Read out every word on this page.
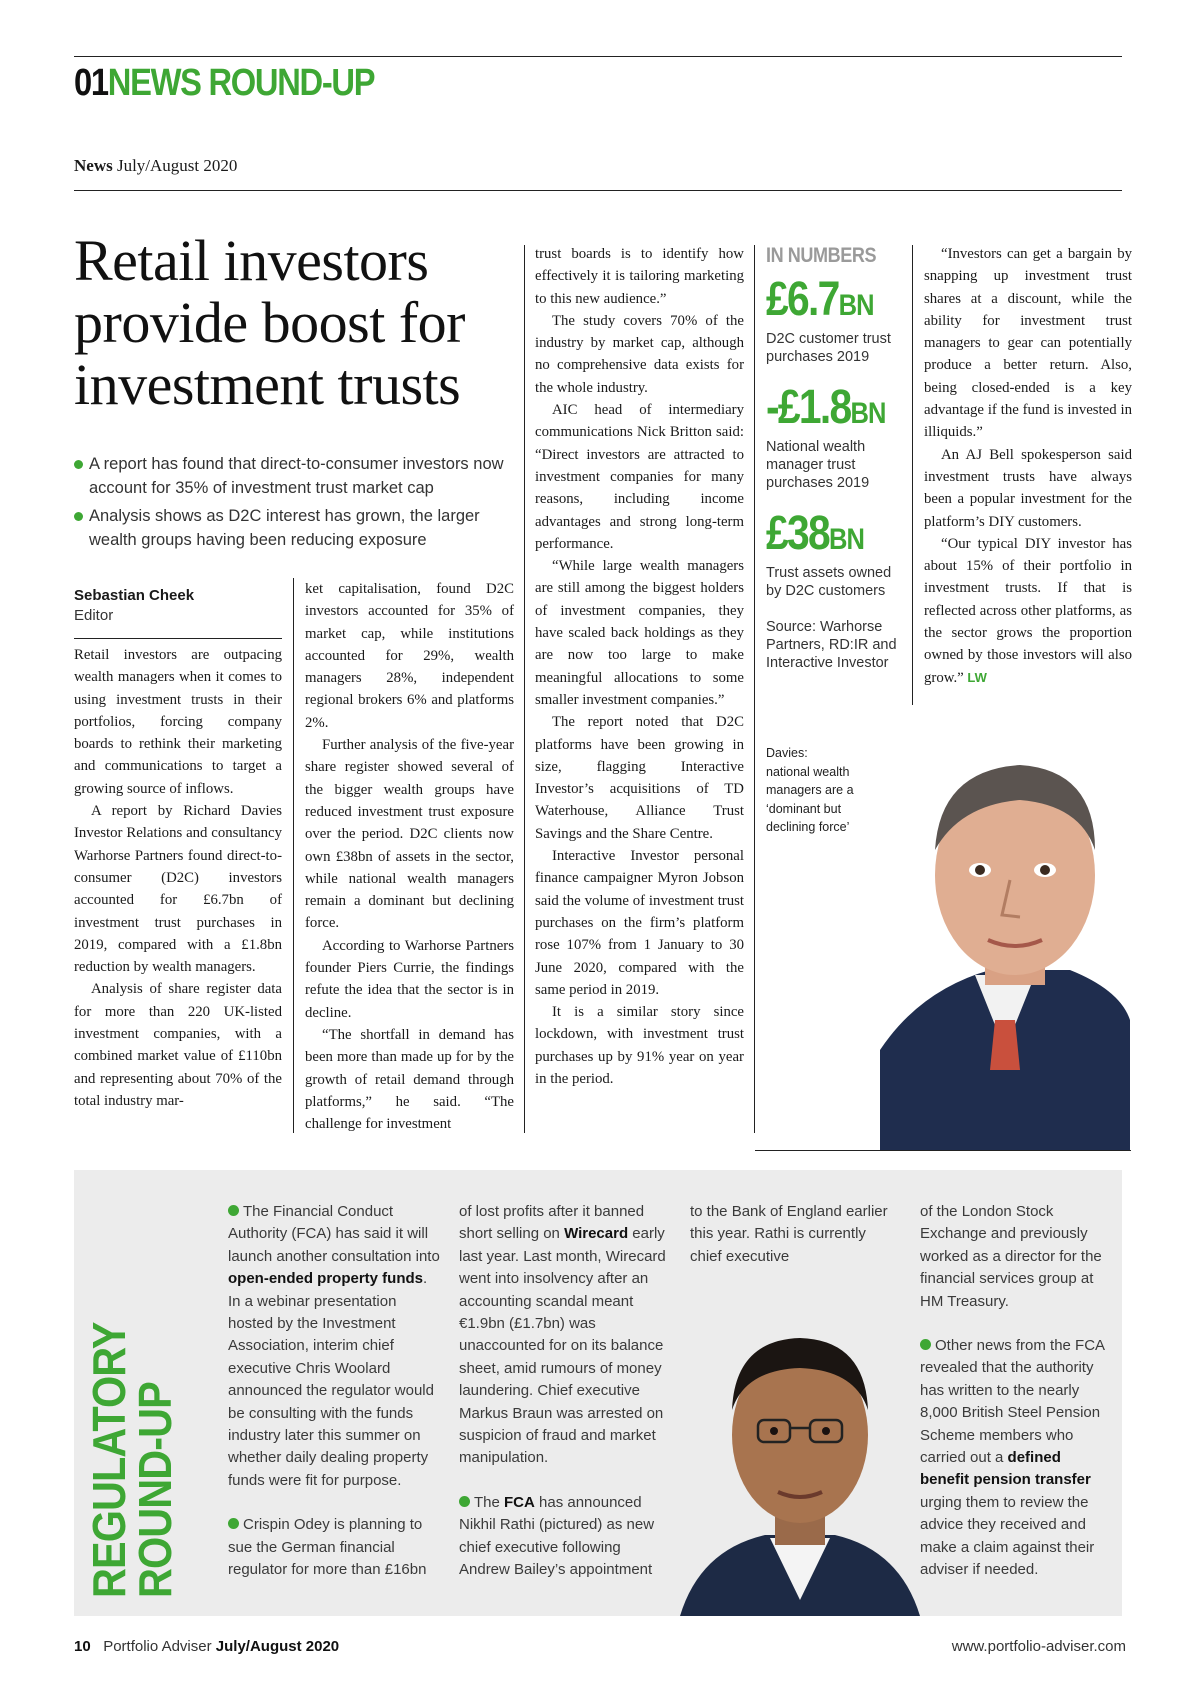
01NEWS ROUND-UP
News July/August 2020
Retail investors provide boost for investment trusts
A report has found that direct-to-consumer investors now account for 35% of investment trust market cap
Analysis shows as D2C interest has grown, the larger wealth groups having been reducing exposure
Sebastian Cheek
Editor

Retail investors are outpacing wealth managers when it comes to using investment trusts in their portfolios, forcing company boards to rethink their marketing and communications to target a growing source of inflows.

A report by Richard Davies Investor Relations and consultancy Warhorse Partners found direct-to-consumer (D2C) investors accounted for £6.7bn of investment trust purchases in 2019, compared with a £1.8bn reduction by wealth managers.

Analysis of share register data for more than 220 UK-listed investment companies, with a combined market value of £110bn and representing about 70% of the total industry mar-

ket capitalisation, found D2C investors accounted for 35% of market cap, while institutions accounted for 29%, wealth managers 28%, independent regional brokers 6% and platforms 2%.

Further analysis of the five-year share register showed several of the bigger wealth groups have reduced investment trust exposure over the period. D2C clients now own £38bn of assets in the sector, while national wealth managers remain a dominant but declining force.

According to Warhorse Partners founder Piers Currie, the findings refute the idea that the sector is in decline.

“The shortfall in demand has been more than made up for by the growth of retail demand through platforms,” he said. “The challenge for investment

trust boards is to identify how effectively it is tailoring marketing to this new audience.”

The study covers 70% of the industry by market cap, although no comprehensive data exists for the whole industry.

AIC head of intermediary communications Nick Britton said: “Direct investors are attracted to investment companies for many reasons, including income advantages and strong long-term performance.

“While large wealth managers are still among the biggest holders of investment companies, they have scaled back holdings as they are now too large to make meaningful allocations to some smaller investment companies.”

The report noted that D2C platforms have been growing in size, flagging Interactive Investor’s acquisitions of TD Waterhouse, Alliance Trust Savings and the Share Centre.

Interactive Investor personal finance campaigner Myron Jobson said the volume of investment trust purchases on the firm’s platform rose 107% from 1 January to 30 June 2020, compared with the same period in 2019.

It is a similar story since lockdown, with investment trust purchases up by 91% year on year in the period.

IN NUMBERS
£6.7BN
D2C customer trust purchases 2019
-£1.8BN
National wealth manager trust purchases 2019
£38BN
Trust assets owned by D2C customers
Source: Warhorse Partners, RD:IR and Interactive Investor
Davies:
national wealth managers are a ‘dominant but declining force’

“Investors can get a bargain by snapping up investment trust shares at a discount, while the ability for investment trust managers to gear can potentially produce a better return. Also, being closed-ended is a key advantage if the fund is invested in illiquids.”

An AJ Bell spokesperson said investment trusts have always been a popular investment for the platform’s DIY customers.

“Our typical DIY investor has about 15% of their portfolio in investment trusts. If that is reflected across other platforms, as the sector grows the proportion owned by those investors will also grow.” LW

REGULATORY
ROUND-UP

The Financial Conduct Authority (FCA) has said it will launch another consultation into open-ended property funds. In a webinar presentation hosted by the Investment Association, interim chief executive Chris Woolard announced the regulator would be consulting with the funds industry later this summer on whether daily dealing property funds were fit for purpose.

Crispin Odey is planning to sue the German financial regulator for more than £16bn

of lost profits after it banned short selling on Wirecard early last year. Last month, Wirecard went into insolvency after an accounting scandal meant €1.9bn (£1.7bn) was unaccounted for on its balance sheet, amid rumours of money laundering. Chief executive Markus Braun was arrested on suspicion of fraud and market manipulation.

The FCA has announced Nikhil Rathi (pictured) as new chief executive following Andrew Bailey’s appointment

to the Bank of England earlier this year. Rathi is currently chief executive

of the London Stock Exchange and previously worked as a director for the financial services group at HM Treasury.

Other news from the FCA revealed that the authority has written to the nearly 8,000 British Steel Pension Scheme members who carried out a defined benefit pension transfer urging them to review the advice they received and make a claim against their adviser if needed.

10 Portfolio Adviser July/August 2020	www.portfolio-adviser.com
